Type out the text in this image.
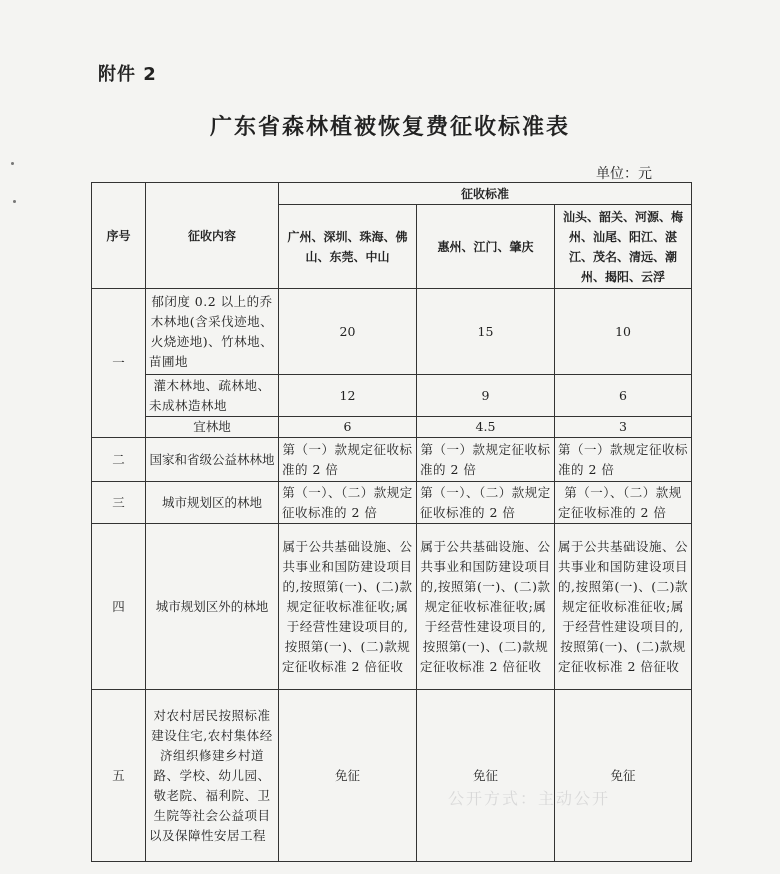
附件 2
广东省森林植被恢复费征收标准表
单位：元
序号	征收内容	征收标准		
		广州、深圳、珠海、佛山、东莞、中山	惠州、江门、肇庆	汕头、韶关、河源、梅州、汕尾、阳江、湛江、茂名、清远、潮州、揭阳、云浮
一	郁闭度 0.2 以上的乔木林地(含采伐迹地、火烧迹地)、竹林地、苗圃地	20	15	10
	灌木林地、疏林地、未成林造林地	12	9	6
	宜林地	6	4.5	3
二	国家和省级公益林林地	第（一）款规定征收标准的 2 倍	第（一）款规定征收标准的 2 倍	第（一）款规定征收标准的 2 倍
三	城市规划区的林地	第（一）、（二）款规定征收标准的 2 倍	第（一）、（二）款规定征收标准的 2 倍	第（一）、（二）款规定征收标准的 2 倍
四	城市规划区外的林地	属于公共基础设施、公共事业和国防建设项目的,按照第(一)、(二)款规定征收标准征收;属于经营性建设项目的,按照第(一)、(二)款规定征收标准 2 倍征收	属于公共基础设施、公共事业和国防建设项目的,按照第(一)、(二)款规定征收标准征收;属于经营性建设项目的,按照第(一)、(二)款规定征收标准 2 倍征收	属于公共基础设施、公共事业和国防建设项目的,按照第(一)、(二)款规定征收标准征收;属于经营性建设项目的,按照第(一)、(二)款规定征收标准 2 倍征收
五	对农村居民按照标准建设住宅,农村集体经济组织修建乡村道路、学校、幼儿园、敬老院、福利院、卫生院等社会公益项目以及保障性安居工程	免征	免征	免征
公开方式：主动公开
